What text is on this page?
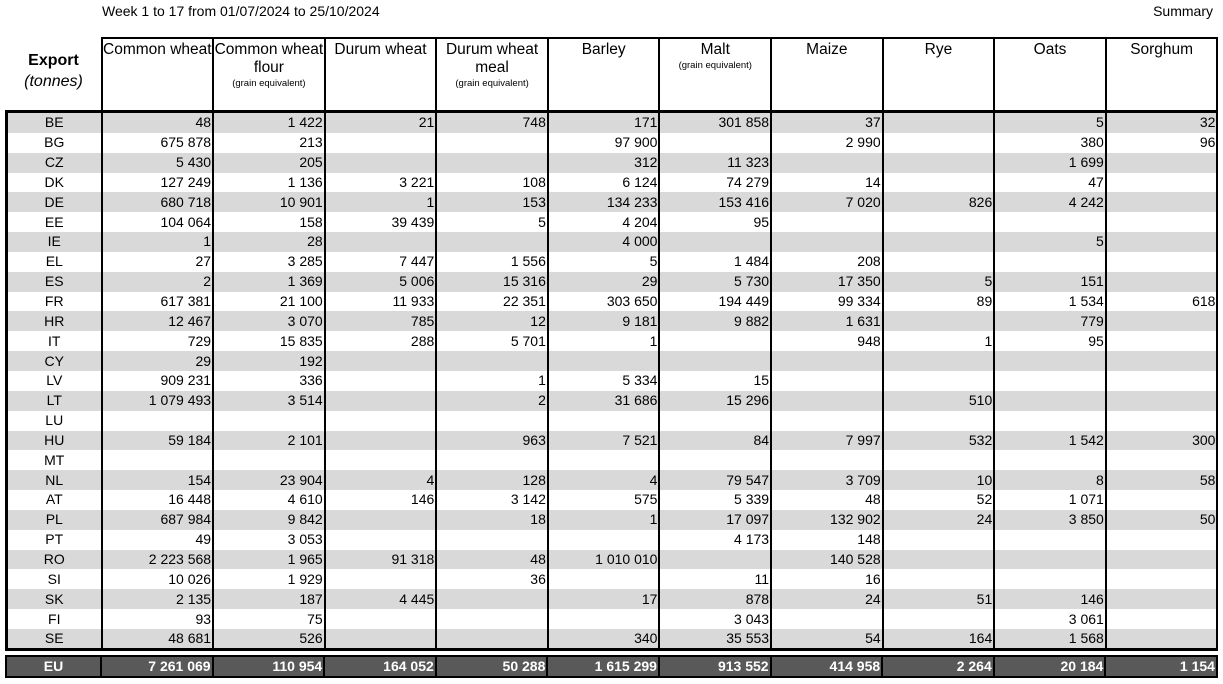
Week 1 to 17 from 01/07/2024 to 25/10/2024	Summary
Export
(tonnes)	Common wheat	Common wheat flour
(grain equivalent)	Durum wheat	Durum wheat meal
(grain equivalent)	Barley	Malt
(grain equivalent)	Maize	Rye	Oats	Sorghum
BE	48	1 422	21	748	171	301 858	37		5	32
BG	675 878	213			97 900		2 990		380	96
CZ	5 430	205			312	11 323			1 699	
DK	127 249	1 136	3 221	108	6 124	74 279	14		47	
DE	680 718	10 901	1	153	134 233	153 416	7 020	826	4 242	
EE	104 064	158	39 439	5	4 204	95				
IE	1	28			4 000				5	
EL	27	3 285	7 447	1 556	5	1 484	208			
ES	2	1 369	5 006	15 316	29	5 730	17 350	5	151	
FR	617 381	21 100	11 933	22 351	303 650	194 449	99 334	89	1 534	618
HR	12 467	3 070	785	12	9 181	9 882	1 631		779	
IT	729	15 835	288	5 701	1		948	1	95	
CY	29	192								
LV	909 231	336		1	5 334	15				
LT	1 079 493	3 514		2	31 686	15 296		510		
LU										
HU	59 184	2 101		963	7 521	84	7 997	532	1 542	300
MT										
NL	154	23 904	4	128	4	79 547	3 709	10	8	58
AT	16 448	4 610	146	3 142	575	5 339	48	52	1 071	
PL	687 984	9 842		18	1	17 097	132 902	24	3 850	50
PT	49	3 053				4 173	148			
RO	2 223 568	1 965	91 318	48	1 010 010		140 528			
SI	10 026	1 929		36		11	16			
SK	2 135	187	4 445		17	878	24	51	146	
FI	93	75				3 043			3 061	
SE	48 681	526			340	35 553	54	164	1 568	
EU	7 261 069	110 954	164 052	50 288	1 615 299	913 552	414 958	2 264	20 184	1 154
